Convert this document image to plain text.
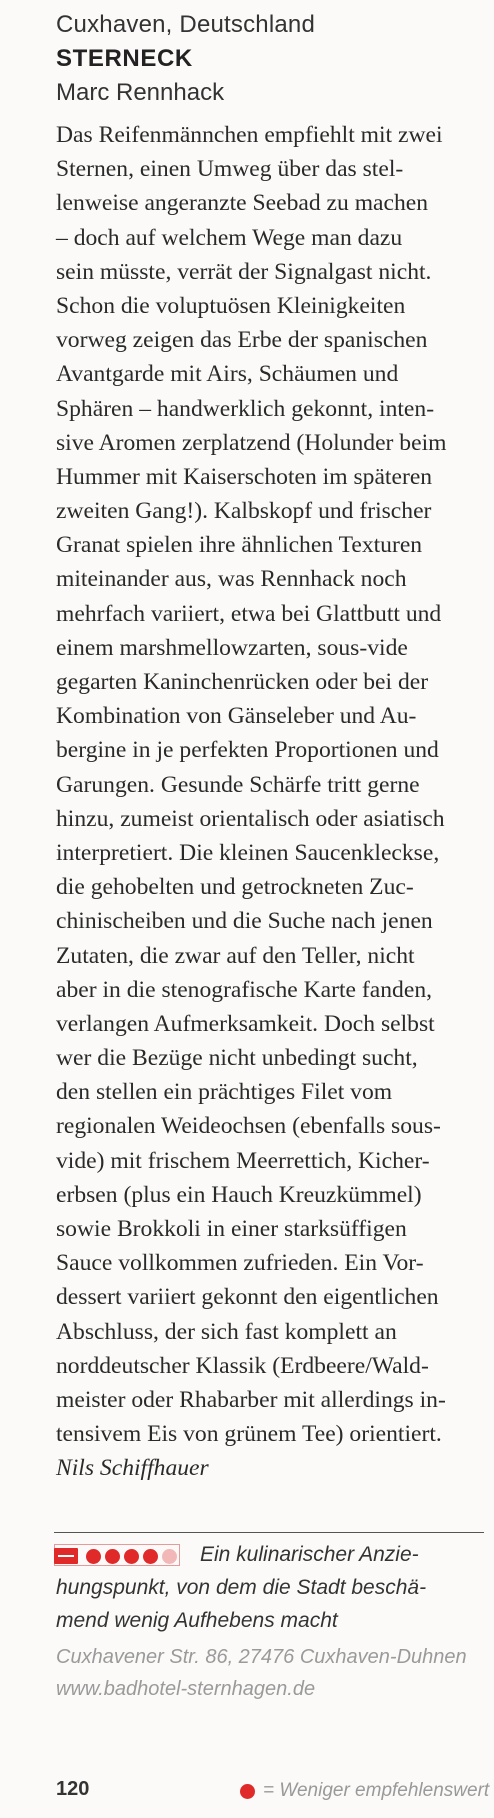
Cuxhaven, Deutschland
STERNECK
Marc Rennhack
Das Reifenmännchen empfiehlt mit zwei
Sternen, einen Umweg über das stel-
lenweise angeranzte Seebad zu machen
– doch auf welchem Wege man dazu
sein müsste, verrät der Signalgast nicht.
Schon die voluptuösen Kleinigkeiten
vorweg zeigen das Erbe der spanischen
Avantgarde mit Airs, Schäumen und
Sphären – handwerklich gekonnt, inten-
sive Aromen zerplatzend (Holunder beim
Hummer mit Kaiserschoten im späteren
zweiten Gang!). Kalbskopf und frischer
Granat spielen ihre ähnlichen Texturen
miteinander aus, was Rennhack noch
mehrfach variiert, etwa bei Glattbutt und
einem marshmellowzarten, sous-vide
gegarten Kaninchenrücken oder bei der
Kombination von Gänseleber und Au-
bergine in je perfekten Proportionen und
Garungen. Gesunde Schärfe tritt gerne
hinzu, zumeist orientalisch oder asiatisch
interpretiert. Die kleinen Saucenkleckse,
die gehobelten und getrockneten Zuc-
chinischeiben und die Suche nach jenen
Zutaten, die zwar auf den Teller, nicht
aber in die stenografische Karte fanden,
verlangen Aufmerksamkeit. Doch selbst
wer die Bezüge nicht unbedingt sucht,
den stellen ein prächtiges Filet vom
regionalen Weideochsen (ebenfalls sous-
vide) mit frischem Meerrettich, Kicher-
erbsen (plus ein Hauch Kreuzkümmel)
sowie Brokkoli in einer starksüffigen
Sauce vollkommen zufrieden. Ein Vor-
dessert variiert gekonnt den eigentlichen
Abschluss, der sich fast komplett an
norddeutscher Klassik (Erdbeere/Wald-
meister oder Rhabarber mit allerdings in-
tensivem Eis von grünem Tee) orientiert.
Nils Schiffhauer
Ein kulinarischer Anzie-
hungspunkt, von dem die Stadt beschä-
mend wenig Aufhebens macht
Cuxhavener Str. 86, 27476 Cuxhaven-Duhnen
www.badhotel-sternhagen.de
120	= Weniger empfehlenswert
